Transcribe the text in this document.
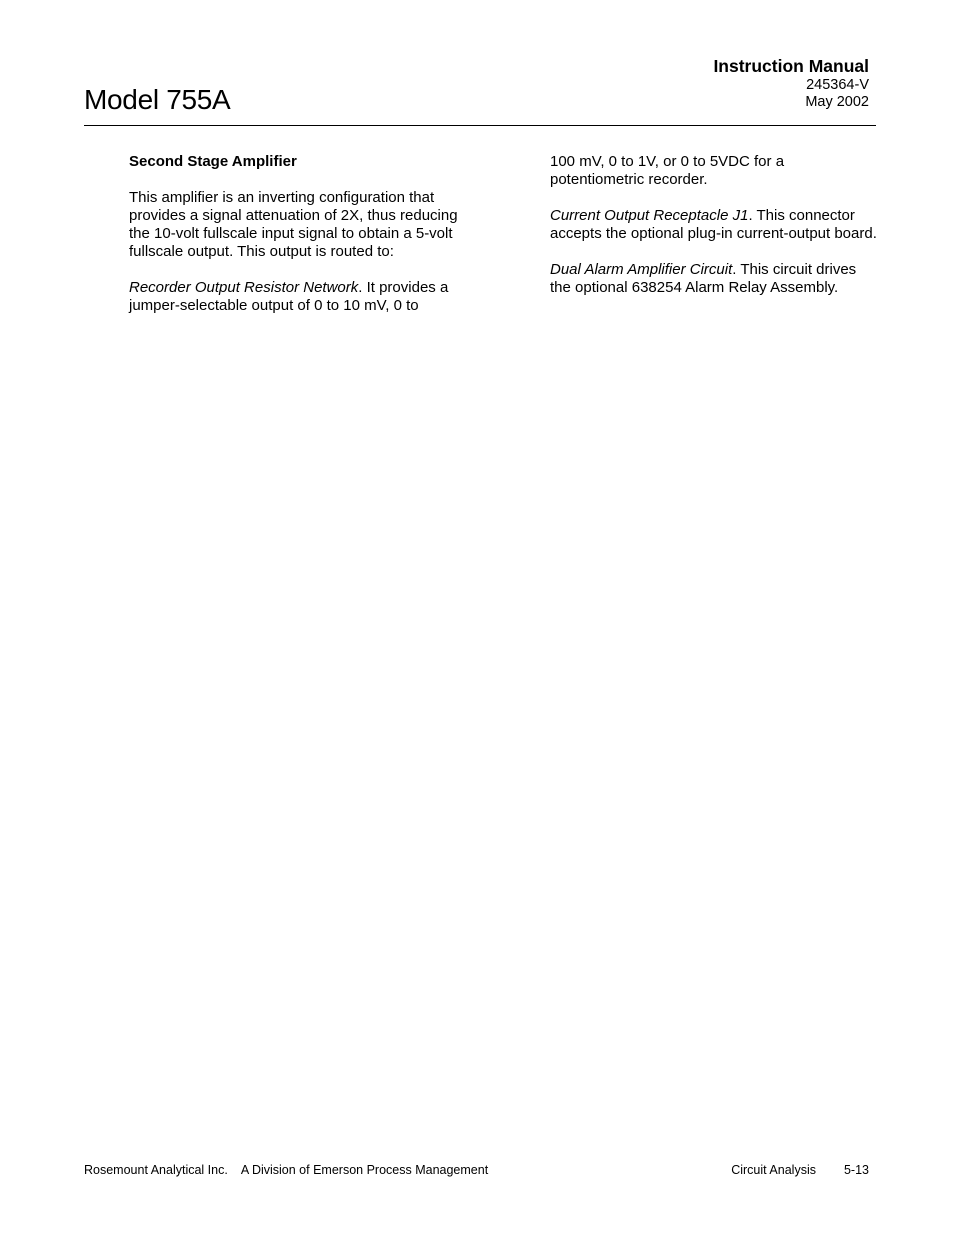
Model 755A
Instruction Manual
245364-V
May 2002
Second Stage Amplifier

This amplifier is an inverting configuration that provides a signal attenuation of 2X, thus reducing the 10-volt fullscale input signal to obtain a 5-volt fullscale output. This output is routed to:

Recorder Output Resistor Network. It provides a jumper-selectable output of 0 to 10 mV, 0 to

100 mV, 0 to 1V, or 0 to 5VDC for a potentiometric recorder.

Current Output Receptacle J1. This connector accepts the optional plug-in current-output board.

Dual Alarm Amplifier Circuit. This circuit drives the optional 638254 Alarm Relay Assembly.

Rosemount Analytical Inc. A Division of Emerson Process Management	Circuit Analysis 5-13
